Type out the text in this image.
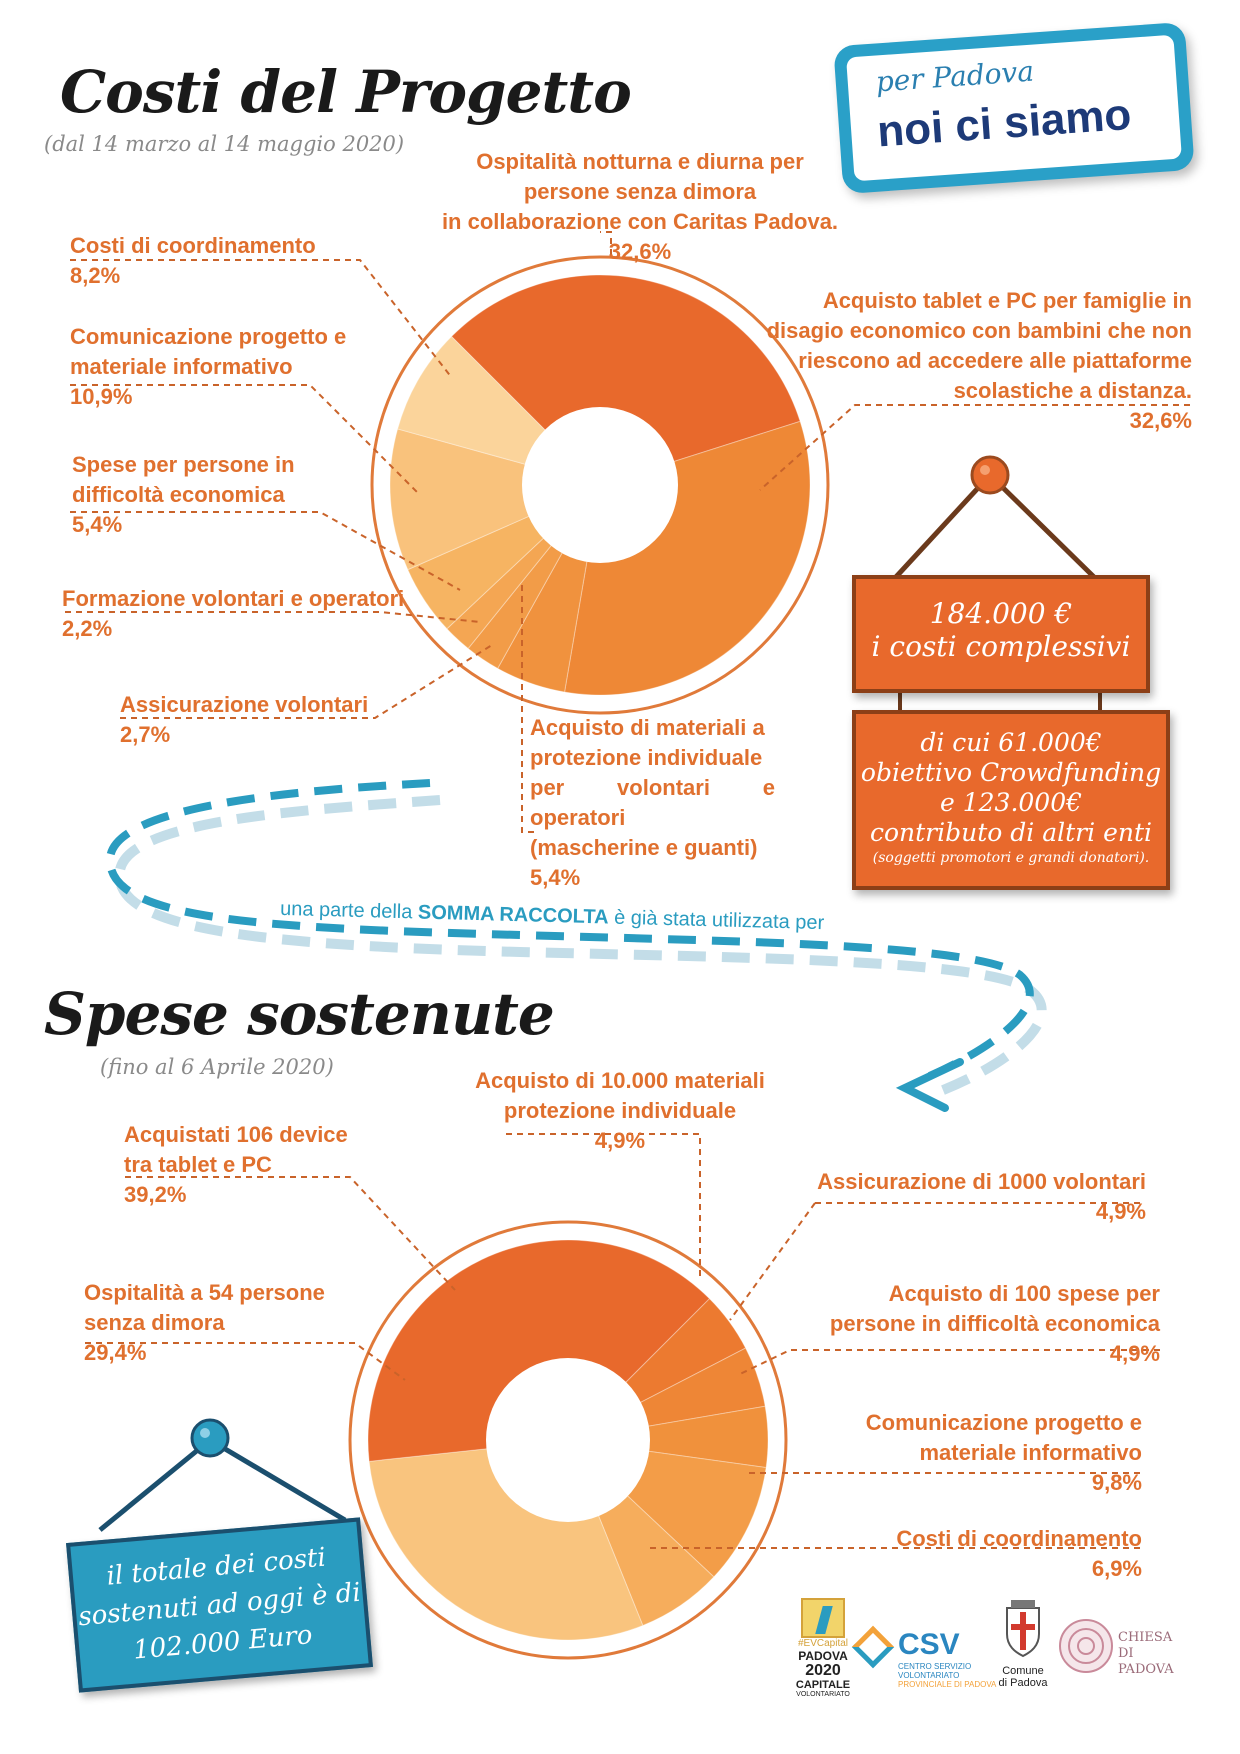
Costi del Progetto
(dal 14 marzo al 14 maggio 2020)
per Padova
noi ci siamo
Ospitalità notturna e diurna per
persone senza dimora
in collaborazione con Caritas Padova.
32,6%
Costi di coordinamento
8,2%
Comunicazione progetto e
materiale informativo
10,9%
Spese per persone in
difficoltà economica
5,4%
Formazione volontari e operatori
2,2%
Assicurazione volontari
2,7%	Acquisto di materiali a
protezione individuale
per volontari e operatori
(mascherine e guanti)
5,4%
Acquisto tablet e PC per famiglie in
disagio economico con bambini che non
riescono ad accedere alle piattaforme
scolastiche a distanza.
32,6%
184.000 €
i costi complessivi
di cui 61.000€
obiettivo Crowdfunding
e 123.000€
contributo di altri enti
(soggetti promotori e grandi donatori).
una parte della SOMMA RACCOLTA è già stata utilizzata per
Spese sostenute
(fino al 6 Aprile 2020)
Acquisto di 10.000 materiali
protezione individuale
4,9%
Acquistati 106 device
tra tablet e PC
39,2%
Assicurazione di 1000 volontari
4,9%
Acquisto di 100 spese per
persone in difficoltà economica
4,9%
Ospitalità a 54 persone
senza dimora
29,4%
Comunicazione progetto e
materiale informativo
9,8%
Costi di coordinamento
6,9%
il totale dei costi
sostenuti ad oggi è di
102.000 Euro	#EVCapital
PADOVA
2020
CAPITALE
VOLONTARIATO
CSV
CENTRO SERVIZIO
VOLONTARIATO
PROVINCIALE DI PADOVA
Comune
di Padova
CHIESA DI
PADOVA
